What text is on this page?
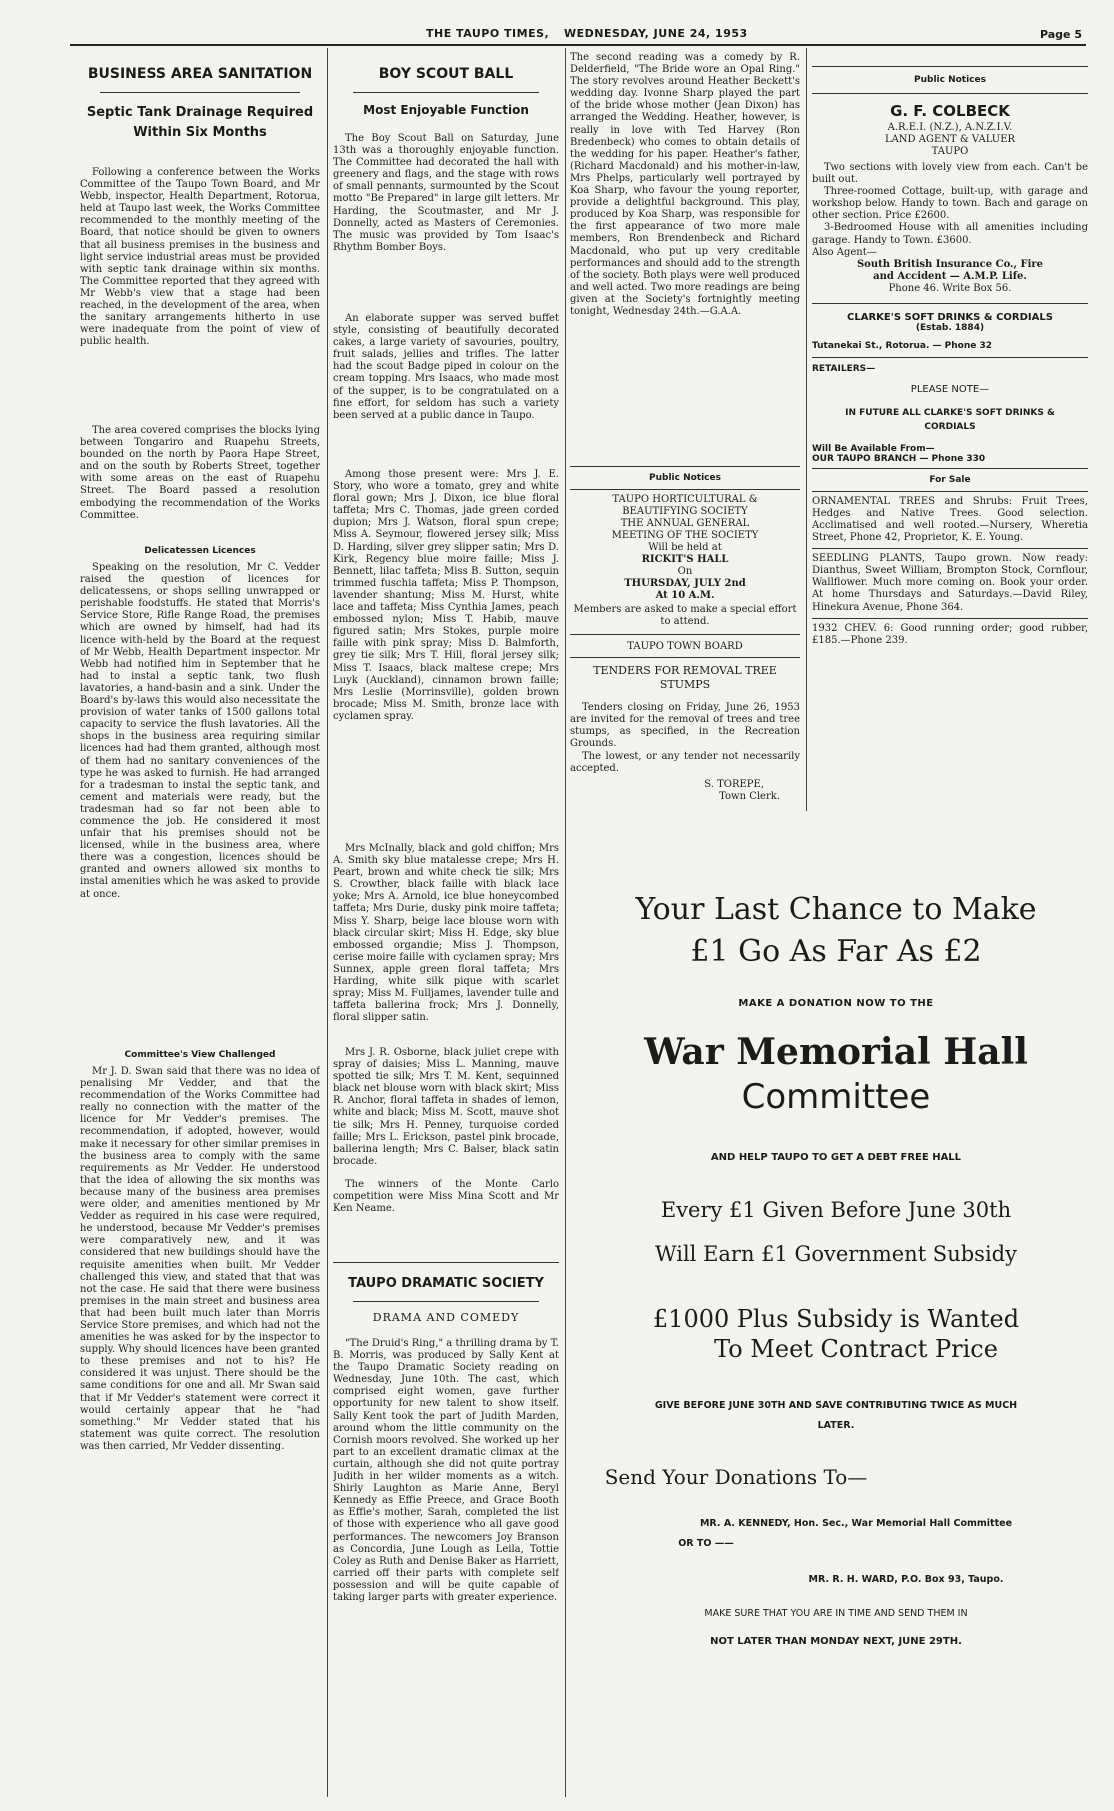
THE TAUPO TIMES, WEDNESDAY, JUNE 24, 1953	Page 5

BUSINESS AREA SANITATION

Septic Tank Drainage Required Within Six Months

Following a conference between the Works Committee of the Taupo Town Board, and Mr Webb, inspector, Health Department, Rotorua, held at Taupo last week, the Works Committee recommended to the monthly meeting of the Board, that notice should be given to owners that all business premises in the business and light service industrial areas must be provided with septic tank drainage within six months. The Committee reported that they agreed with Mr Webb's view that a stage had been reached, in the development of the area, when the sanitary arrangements hitherto in use were inadequate from the point of view of public health.

The area covered comprises the blocks lying between Tongariro and Ruapehu Streets, bounded on the north by Paora Hape Street, and on the south by Roberts Street, together with some areas on the east of Ruapehu Street. The Board passed a resolution embodying the recommendation of the Works Committee.

Delicatessen Licences

Speaking on the resolution, Mr C. Vedder raised the question of licences for delicatessens, or shops selling unwrapped or perishable foodstuffs. He stated that Morris's Service Store, Rifle Range Road, the premises which are owned by himself, had had its licence with-held by the Board at the request of Mr Webb, Health Department inspector. Mr Webb had notified him in September that he had to instal a septic tank, two flush lavatories, a hand-basin and a sink. Under the Board's by-laws this would also necessitate the provision of water tanks of 1500 gallons total capacity to service the flush lavatories. All the shops in the business area requiring similar licences had had them granted, although most of them had no sanitary conveniences of the type he was asked to furnish. He had arranged for a tradesman to instal the septic tank, and cement and materials were ready, but the tradesman had so far not been able to commence the job. He considered it most unfair that his premises should not be licensed, while in the business area, where there was a congestion, licences should be granted and owners allowed six months to instal amenities which he was asked to provide at once.

Committee's View Challenged

Mr J. D. Swan said that there was no idea of penalising Mr Vedder, and that the recommendation of the Works Committee had really no connection with the matter of the licence for Mr Vedder's premises. The recommendation, if adopted, however, would make it necessary for other similar premises in the business area to comply with the same requirements as Mr Vedder. He understood that the idea of allowing the six months was because many of the business area premises were older, and amenities mentioned by Mr Vedder as required in his case were required, he understood, because Mr Vedder's premises were comparatively new, and it was considered that new buildings should have the requisite amenities when built. Mr Vedder challenged this view, and stated that that was not the case. He said that there were business premises in the main street and business area that had been built much later than Morris Service Store premises, and which had not the amenities he was asked for by the inspector to supply. Why should licences have been granted to these premises and not to his? He considered it was unjust. There should be the same conditions for one and all. Mr Swan said that if Mr Vedder's statement were correct it would certainly appear that he "had something." Mr Vedder stated that his statement was quite correct. The resolution was then carried, Mr Vedder dissenting.

BOY SCOUT BALL

Most Enjoyable Function

The Boy Scout Ball on Saturday, June 13th was a thoroughly enjoyable function. The Committee had decorated the hall with greenery and flags, and the stage with rows of small pennants, surmounted by the Scout motto "Be Prepared" in large gilt letters. Mr Harding, the Scoutmaster, and Mr J. Donnelly, acted as Masters of Ceremonies. The music was provided by Tom Isaac's Rhythm Bomber Boys.

An elaborate supper was served buffet style, consisting of beautifully decorated cakes, a large variety of savouries, poultry, fruit salads, jellies and trifles. The latter had the scout Badge piped in colour on the cream topping. Mrs Isaacs, who made most of the supper, is to be congratulated on a fine effort, for seldom has such a variety been served at a public dance in Taupo.

Among those present were: Mrs J. E. Story, who wore a tomato, grey and white floral gown; Mrs J. Dixon, ice blue floral taffeta; Mrs C. Thomas, jade green corded dupion; Mrs J. Watson, floral spun crepe; Miss A. Seymour, flowered jersey silk; Miss D. Harding, silver grey slipper satin; Mrs D. Kirk, Regency blue moire faille; Miss J. Bennett, lilac taffeta; Miss B. Sutton, sequin trimmed fuschia taffeta; Miss P. Thompson, lavender shantung; Miss M. Hurst, white lace and taffeta; Miss Cynthia James, peach embossed nylon; Miss T. Habib, mauve figured satin; Mrs Stokes, purple moire faille with pink spray; Miss D. Balmforth, grey tie silk; Mrs T. Hill, floral jersey silk; Miss T. Isaacs, black maltese crepe; Mrs Luyk (Auckland), cinnamon brown faille; Mrs Leslie (Morrinsville), golden brown brocade; Miss M. Smith, bronze lace with cyclamen spray.

Mrs McInally, black and gold chiffon; Mrs A. Smith sky blue matalesse crepe; Mrs H. Peart, brown and white check tie silk; Mrs S. Crowther, black faille with black lace yoke; Mrs A. Arnold, ice blue honeycombed taffeta; Mrs Durie, dusky pink moire taffeta; Miss Y. Sharp, beige lace blouse worn with black circular skirt; Miss H. Edge, sky blue embossed organdie; Miss J. Thompson, cerise moire faille with cyclamen spray; Mrs Sunnex, apple green floral taffeta; Mrs Harding, white silk pique with scarlet spray; Miss M. Fulljames, lavender tulle and taffeta ballerina frock; Mrs J. Donnelly, floral slipper satin.

Mrs J. R. Osborne, black juliet crepe with spray of daisies; Miss L. Manning, mauve spotted tie silk; Mrs T. M. Kent, sequinned black net blouse worn with black skirt; Miss R. Anchor, floral taffeta in shades of lemon, white and black; Miss M. Scott, mauve shot tie silk; Mrs H. Penney, turquoise corded faille; Mrs L. Erickson, pastel pink brocade, ballerina length; Mrs C. Balser, black satin brocade.

The winners of the Monte Carlo competition were Miss Mina Scott and Mr Ken Neame.

TAUPO DRAMATIC SOCIETY

DRAMA AND COMEDY

"The Druid's Ring," a thrilling drama by T. B. Morris, was produced by Sally Kent at the Taupo Dramatic Society reading on Wednesday, June 10th. The cast, which comprised eight women, gave further opportunity for new talent to show itself. Sally Kent took the part of Judith Marden, around whom the little community on the Cornish moors revolved. She worked up her part to an excellent dramatic climax at the curtain, although she did not quite portray Judith in her wilder moments as a witch. Shirly Laughton as Marie Anne, Beryl Kennedy as Effie Preece, and Grace Booth as Effie's mother, Sarah, completed the list of those with experience who all gave good performances. The newcomers Joy Branson as Concordia, June Lough as Leila, Tottie Coley as Ruth and Denise Baker as Harriett, carried off their parts with complete self possession and will be quite capable of taking larger parts with greater experience.

The second reading was a comedy by R. Delderfield, "The Bride wore an Opal Ring." The story revolves around Heather Beckett's wedding day. Ivonne Sharp played the part of the bride whose mother (Jean Dixon) has arranged the Wedding. Heather, however, is really in love with Ted Harvey (Ron Bredenbeck) who comes to obtain details of the wedding for his paper. Heather's father, (Richard Macdonald) and his mother-in-law, Mrs Phelps, particularly well portrayed by Koa Sharp, who favour the young reporter, provide a delightful background. This play, produced by Koa Sharp, was responsible for the first appearance of two more male members, Ron Brendenbeck and Richard Macdonald, who put up very creditable performances and should add to the strength of the society. Both plays were well produced and well acted. Two more readings are being given at the Society's fortnightly meeting tonight, Wednesday 24th.—G.A.A.

Public Notices

TAUPO HORTICULTURAL &

BEAUTIFYING SOCIETY

THE ANNUAL GENERAL

MEETING OF THE SOCIETY

Will be held at

RICKIT'S HALL

On

THURSDAY, JULY 2nd

At 10 A.M.

Members are asked to make a special effort to attend.

TAUPO TOWN BOARD

TENDERS FOR REMOVAL TREE STUMPS

Tenders closing on Friday, June 26, 1953 are invited for the removal of trees and tree stumps, as specified, in the Recreation Grounds.

The lowest, or any tender not necessarily accepted.

S. TOREPE,

Town Clerk.

Public Notices

G. F. COLBECK

A.R.E.I. (N.Z.), A.N.Z.I.V.

LAND AGENT & VALUER

TAUPO

Two sections with lovely view from each. Can't be built out.

Three-roomed Cottage, built-up, with garage and workshop below. Handy to town. Bach and garage on other section. Price £2600.

3-Bedroomed House with all amenities including garage. Handy to Town. £3600.

Also Agent—

South British Insurance Co., Fire

and Accident — A.M.P. Life.

Phone 46. Write Box 56.

CLARKE'S SOFT DRINKS & CORDIALS

(Estab. 1884)

Tutanekai St., Rotorua. — Phone 32

RETAILERS—

PLEASE NOTE—

IN FUTURE ALL CLARKE'S SOFT DRINKS & CORDIALS

Will Be Available From—

OUR TAUPO BRANCH — Phone 330

For Sale

ORNAMENTAL TREES and Shrubs: Fruit Trees, Hedges and Native Trees. Good selection. Acclimatised and well rooted.—Nursery, Wheretia Street, Phone 42, Proprietor, K. E. Young.

SEEDLING PLANTS, Taupo grown. Now ready: Dianthus, Sweet William, Brompton Stock, Cornflour, Wallflower. Much more coming on. Book your order. At home Thursdays and Saturdays.—David Riley, Hinekura Avenue, Phone 364.

1932 CHEV. 6: Good running order; good rubber, £185.—Phone 239.

Your Last Chance to Make

£1 Go As Far As £2

MAKE A DONATION NOW TO THE

War Memorial Hall

Committee

AND HELP TAUPO TO GET A DEBT FREE HALL

Every £1 Given Before June 30th

Will Earn £1 Government Subsidy

£1000 Plus Subsidy is Wanted

To Meet Contract Price

GIVE BEFORE JUNE 30TH AND SAVE CONTRIBUTING TWICE AS MUCH LATER.

Send Your Donations To—

MR. A. KENNEDY, Hon. Sec., War Memorial Hall Committee

OR TO ——

MR. R. H. WARD, P.O. Box 93, Taupo.

MAKE SURE THAT YOU ARE IN TIME AND SEND THEM IN

NOT LATER THAN MONDAY NEXT, JUNE 29TH.
